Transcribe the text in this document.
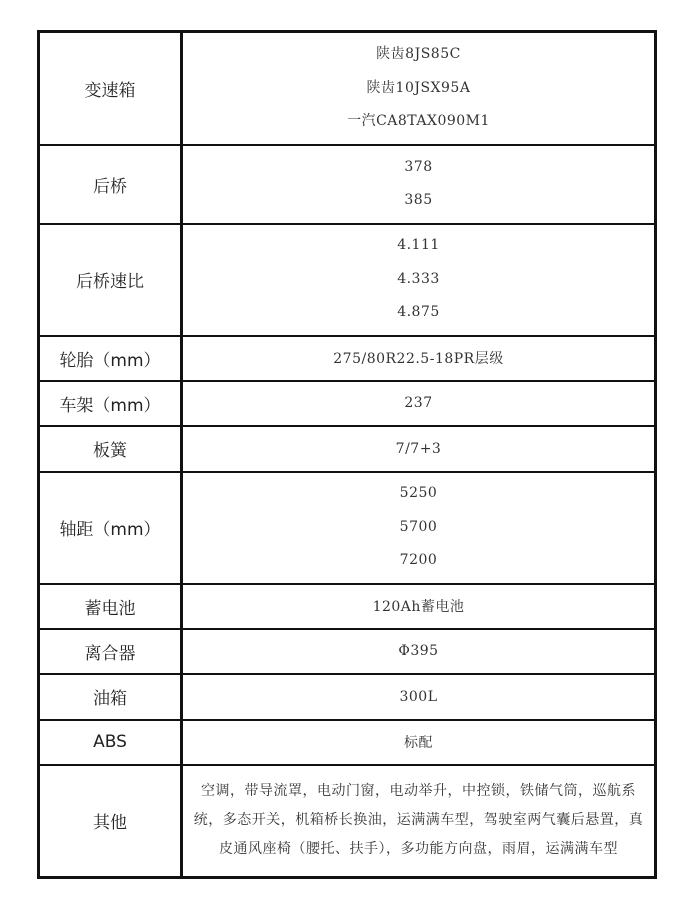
变速箱	陕齿8JS85C
陕齿10JSX95A
一汽CA8TAX090M1

后桥	378
385

后桥速比	4.111
4.333
4.875

轮胎（mm）	275/80R22.5-18PR层级
车架（mm）	237
板簧	7/7+3
轴距（mm）	5250
5700
7200

蓄电池	120Ah蓄电池
离合器	Φ395
油箱	300L
ABS	标配
其他	空调，带导流罩，电动门窗，电动举升，中控锁，铁储气筒，巡航系统，多态开关，机箱桥长换油，运满满车型，驾驶室两气囊后悬置，真皮通风座椅（腰托、扶手），多功能方向盘，雨眉，运满满车型
